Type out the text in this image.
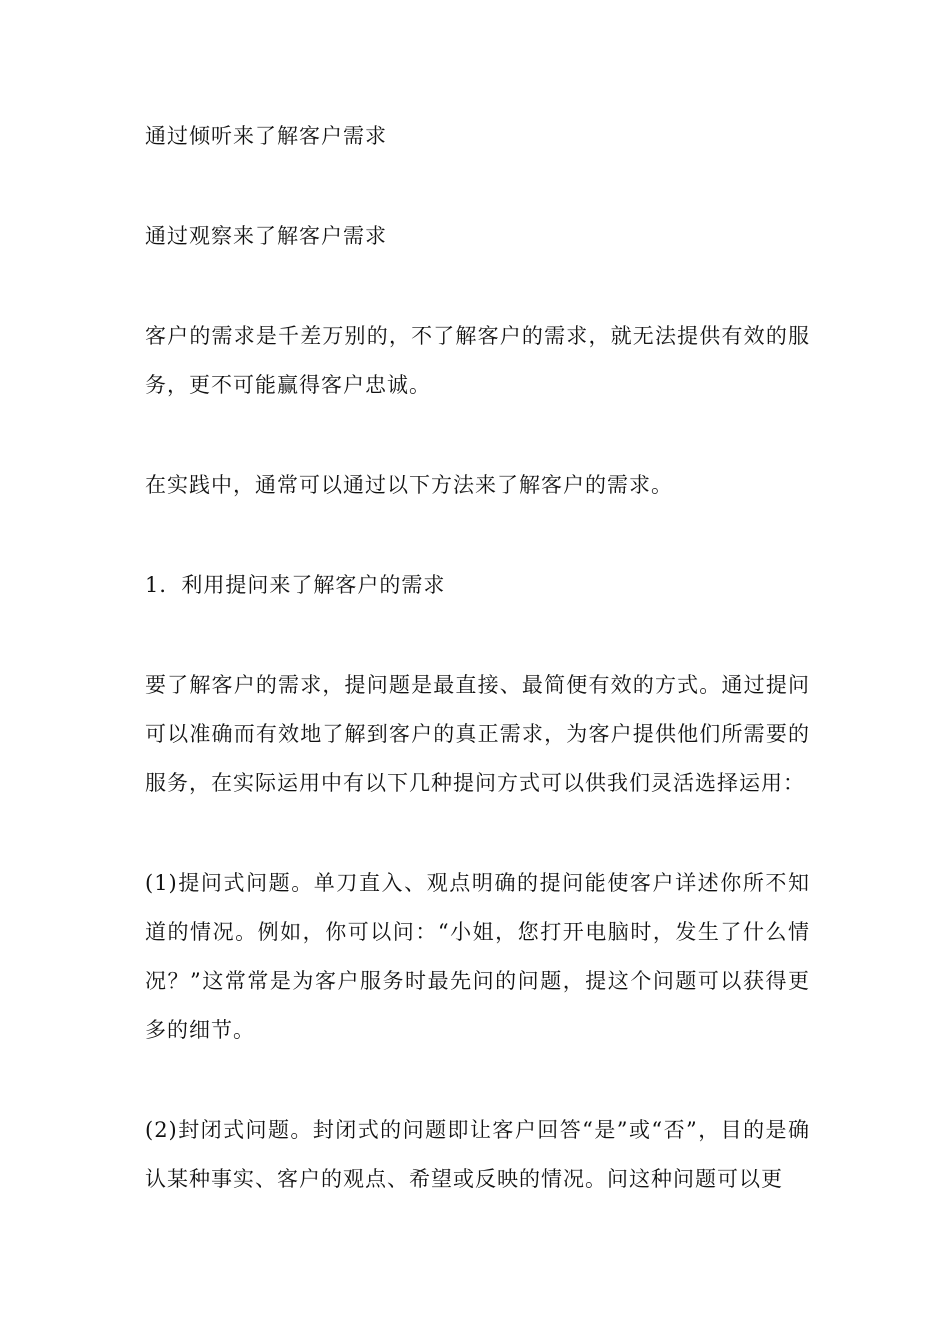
通过倾听来了解客户需求

通过观察来了解客户需求

客户的需求是千差万别的，不了解客户的需求，就无法提供有效的服务，更不可能赢得客户忠诚。

在实践中，通常可以通过以下方法来了解客户的需求。

1．利用提问来了解客户的需求

要了解客户的需求，提问题是最直接、最简便有效的方式。通过提问可以准确而有效地了解到客户的真正需求，为客户提供他们所需要的服务，在实际运用中有以下几种提问方式可以供我们灵活选择运用：

(1)提问式问题。单刀直入、观点明确的提问能使客户详述你所不知道的情况。例如，你可以问：“小姐，您打开电脑时，发生了什么情况？”这常常是为客户服务时最先问的问题，提这个问题可以获得更多的细节。

(2)封闭式问题。封闭式的问题即让客户回答“是”或“否”，目的是确认某种事实、客户的观点、希望或反映的情况。问这种问题可以更
